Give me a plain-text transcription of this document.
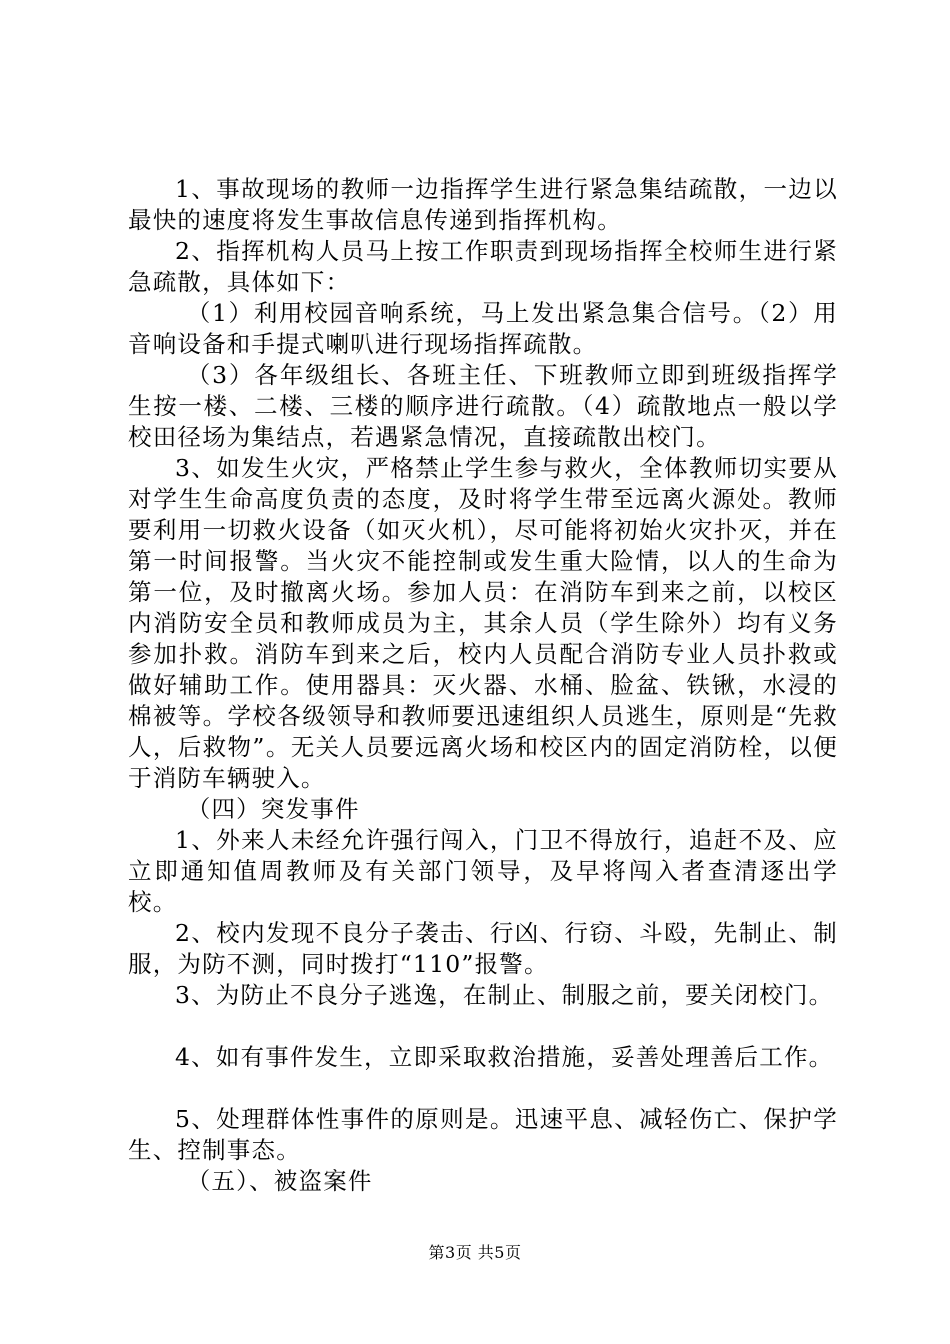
1、事故现场的教师一边指挥学生进行紧急集结疏散，一边以最快的速度将发生事故信息传递到指挥机构。

2、指挥机构人员马上按工作职责到现场指挥全校师生进行紧急疏散，具体如下：

（1）利用校园音响系统，马上发出紧急集合信号。（2）用音响设备和手提式喇叭进行现场指挥疏散。

（3）各年级组长、各班主任、下班教师立即到班级指挥学生按一楼、二楼、三楼的顺序进行疏散。（4）疏散地点一般以学校田径场为集结点，若遇紧急情况，直接疏散出校门。

3、如发生火灾，严格禁止学生参与救火，全体教师切实要从对学生生命高度负责的态度，及时将学生带至远离火源处。教师要利用一切救火设备（如灭火机），尽可能将初始火灾扑灭，并在第一时间报警。当火灾不能控制或发生重大险情，以人的生命为第一位，及时撤离火场。参加人员：在消防车到来之前，以校区内消防安全员和教师成员为主，其余人员（学生除外）均有义务参加扑救。消防车到来之后，校内人员配合消防专业人员扑救或做好辅助工作。使用器具：灭火器、水桶、脸盆、铁锹，水浸的棉被等。学校各级领导和教师要迅速组织人员逃生，原则是“先救人，后救物”。无关人员要远离火场和校区内的固定消防栓，以便于消防车辆驶入。

（四）突发事件

1、外来人未经允许强行闯入，门卫不得放行，追赶不及、应立即通知值周教师及有关部门领导，及早将闯入者查清逐出学校。

2、校内发现不良分子袭击、行凶、行窃、斗殴，先制止、制服，为防不测，同时拨打“110”报警。

3、为防止不良分子逃逸，在制止、制服之前，要关闭校门。

4、如有事件发生，立即采取救治措施，妥善处理善后工作。

5、处理群体性事件的原则是。迅速平息、减轻伤亡、保护学生、控制事态。

（五）、被盗案件

第3页 共5页
